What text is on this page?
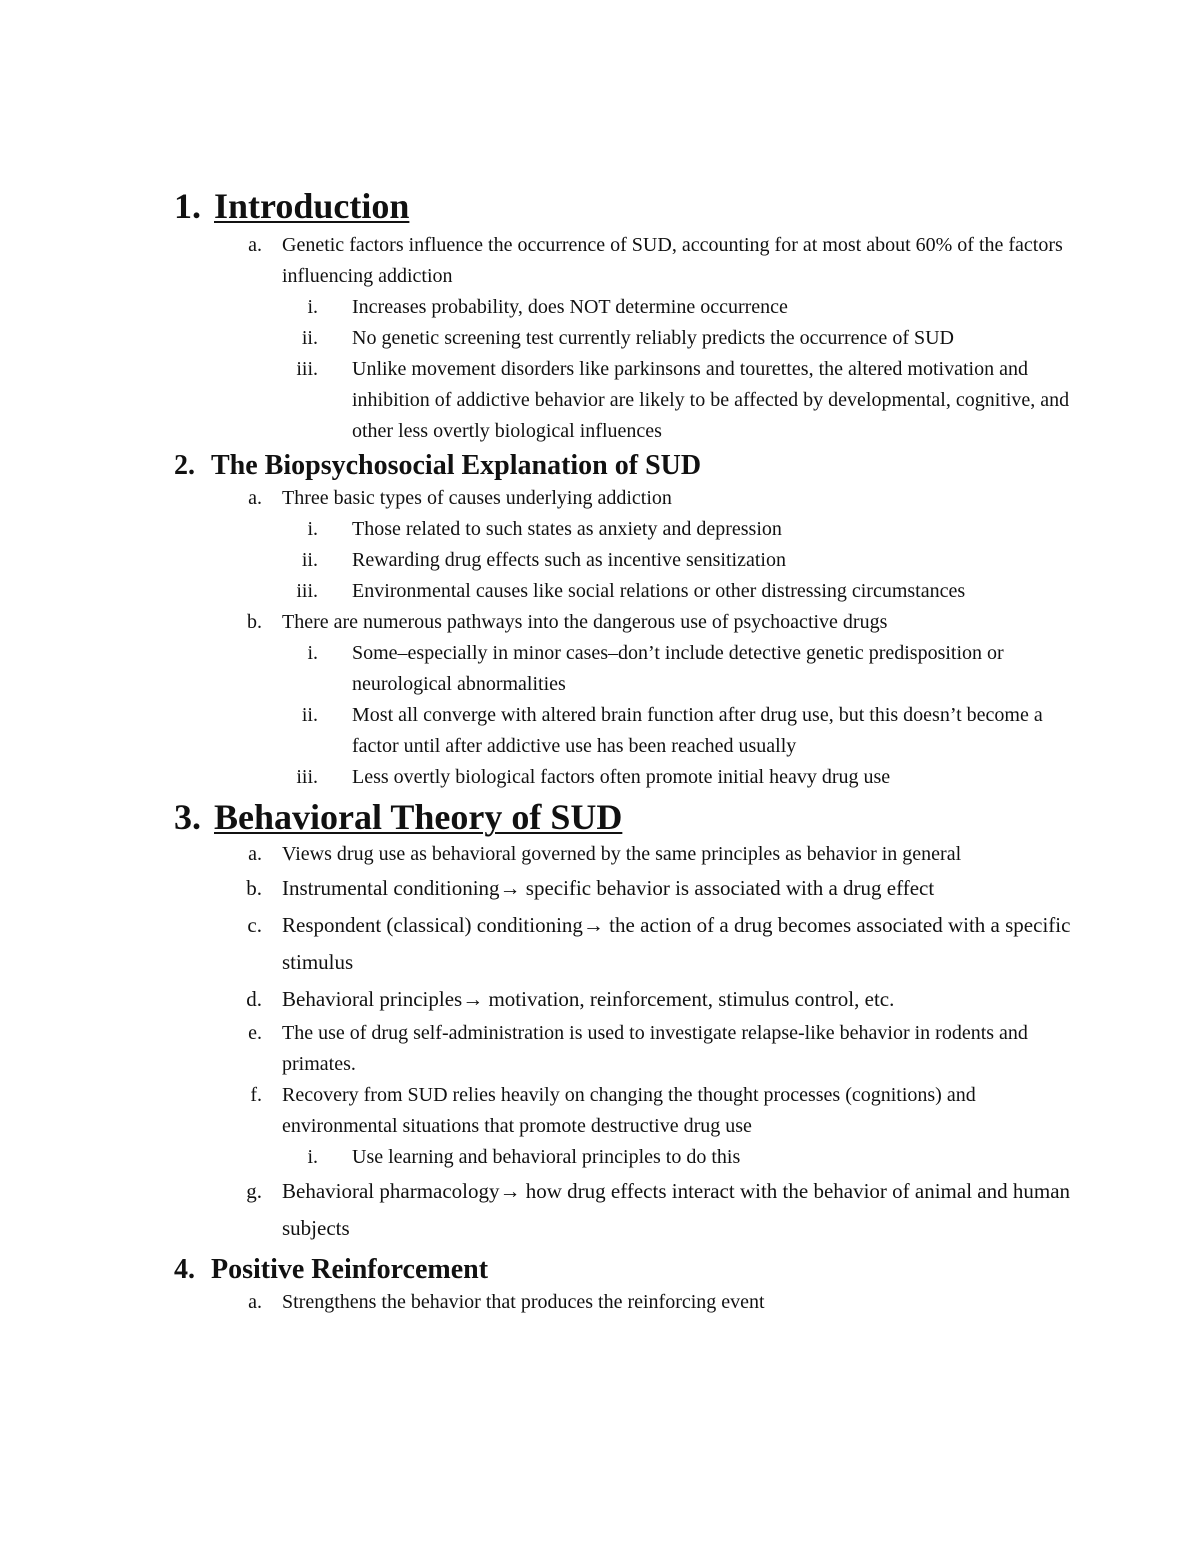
1. Introduction
a. Genetic factors influence the occurrence of SUD, accounting for at most about 60% of the factors influencing addiction
i. Increases probability, does NOT determine occurrence
ii. No genetic screening test currently reliably predicts the occurrence of SUD
iii. Unlike movement disorders like parkinsons and tourettes, the altered motivation and inhibition of addictive behavior are likely to be affected by developmental, cognitive, and other less overtly biological influences
2. The Biopsychosocial Explanation of SUD
a. Three basic types of causes underlying addiction
i. Those related to such states as anxiety and depression
ii. Rewarding drug effects such as incentive sensitization
iii. Environmental causes like social relations or other distressing circumstances
b. There are numerous pathways into the dangerous use of psychoactive drugs
i. Some–especially in minor cases–don’t include detective genetic predisposition or neurological abnormalities
ii. Most all converge with altered brain function after drug use, but this doesn’t become a factor until after addictive use has been reached usually
iii. Less overtly biological factors often promote initial heavy drug use
3. Behavioral Theory of SUD
a. Views drug use as behavioral governed by the same principles as behavior in general
b. Instrumental conditioning→ specific behavior is associated with a drug effect
c. Respondent (classical) conditioning→ the action of a drug becomes associated with a specific stimulus
d. Behavioral principles→ motivation, reinforcement, stimulus control, etc.
e. The use of drug self-administration is used to investigate relapse-like behavior in rodents and primates.
f. Recovery from SUD relies heavily on changing the thought processes (cognitions) and environmental situations that promote destructive drug use
i. Use learning and behavioral principles to do this
g. Behavioral pharmacology→ how drug effects interact with the behavior of animal and human subjects
4. Positive Reinforcement
a. Strengthens the behavior that produces the reinforcing event
